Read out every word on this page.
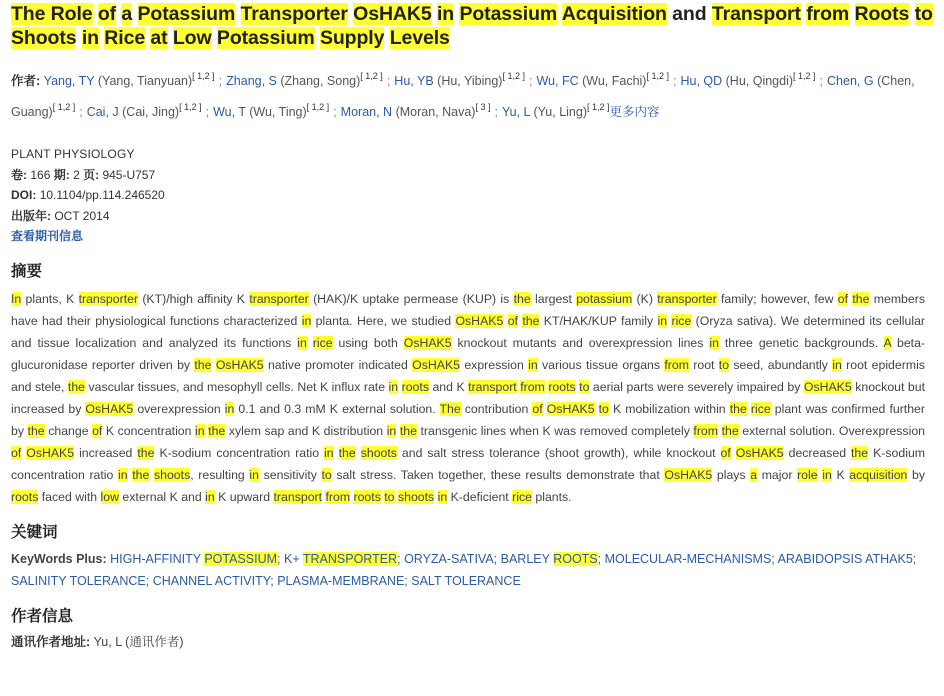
The Role of a Potassium Transporter OsHAK5 in Potassium Acquisition and Transport from Roots to Shoots in Rice at Low Potassium Supply Levels
作者: Yang, TY (Yang, Tianyuan)[ 1,2 ] ; Zhang, S (Zhang, Song)[ 1,2 ] ; Hu, YB (Hu, Yibing)[ 1,2 ] ; Wu, FC (Wu, Fachi)[ 1,2 ] ; Hu, QD (Hu, Qingdi)[ 1,2 ] ; Chen, G (Chen, Guang)[ 1,2 ] ; Cai, J (Cai, Jing)[ 1,2 ] ; Wu, T (Wu, Ting)[ 1,2 ] ; Moran, N (Moran, Nava)[ 3 ] ; Yu, L (Yu, Ling)[ 1,2 ]更多内容
PLANT PHYSIOLOGY
卷: 166 期: 2 页: 945-U757
DOI: 10.1104/pp.114.246520
出版年: OCT 2014
查看期刊信息
摘要
In plants, K transporter (KT)/high affinity K transporter (HAK)/K uptake permease (KUP) is the largest potassium (K) transporter family; however, few of the members have had their physiological functions characterized in planta. Here, we studied OsHAK5 of the KT/HAK/KUP family in rice (Oryza sativa). We determined its cellular and tissue localization and analyzed its functions in rice using both OsHAK5 knockout mutants and overexpression lines in three genetic backgrounds. A beta-glucuronidase reporter driven by the OsHAK5 native promoter indicated OsHAK5 expression in various tissue organs from root to seed, abundantly in root epidermis and stele, the vascular tissues, and mesophyll cells. Net K influx rate in roots and K transport from roots to aerial parts were severely impaired by OsHAK5 knockout but increased by OsHAK5 overexpression in 0.1 and 0.3 mM K external solution. The contribution of OsHAK5 to K mobilization within the rice plant was confirmed further by the change of K concentration in the xylem sap and K distribution in the transgenic lines when K was removed completely from the external solution. Overexpression of OsHAK5 increased the K-sodium concentration ratio in the shoots and salt stress tolerance (shoot growth), while knockout of OsHAK5 decreased the K-sodium concentration ratio in the shoots, resulting in sensitivity to salt stress. Taken together, these results demonstrate that OsHAK5 plays a major role in K acquisition by roots faced with low external K and in K upward transport from roots to shoots in K-deficient rice plants.
关键词
KeyWords Plus: HIGH-AFFINITY POTASSIUM; K+ TRANSPORTER; ORYZA-SATIVA; BARLEY ROOTS; MOLECULAR-MECHANISMS; ARABIDOPSIS ATHAK5; SALINITY TOLERANCE; CHANNEL ACTIVITY; PLASMA-MEMBRANE; SALT TOLERANCE
作者信息
通讯作者地址: Yu, L (通讯作者)
